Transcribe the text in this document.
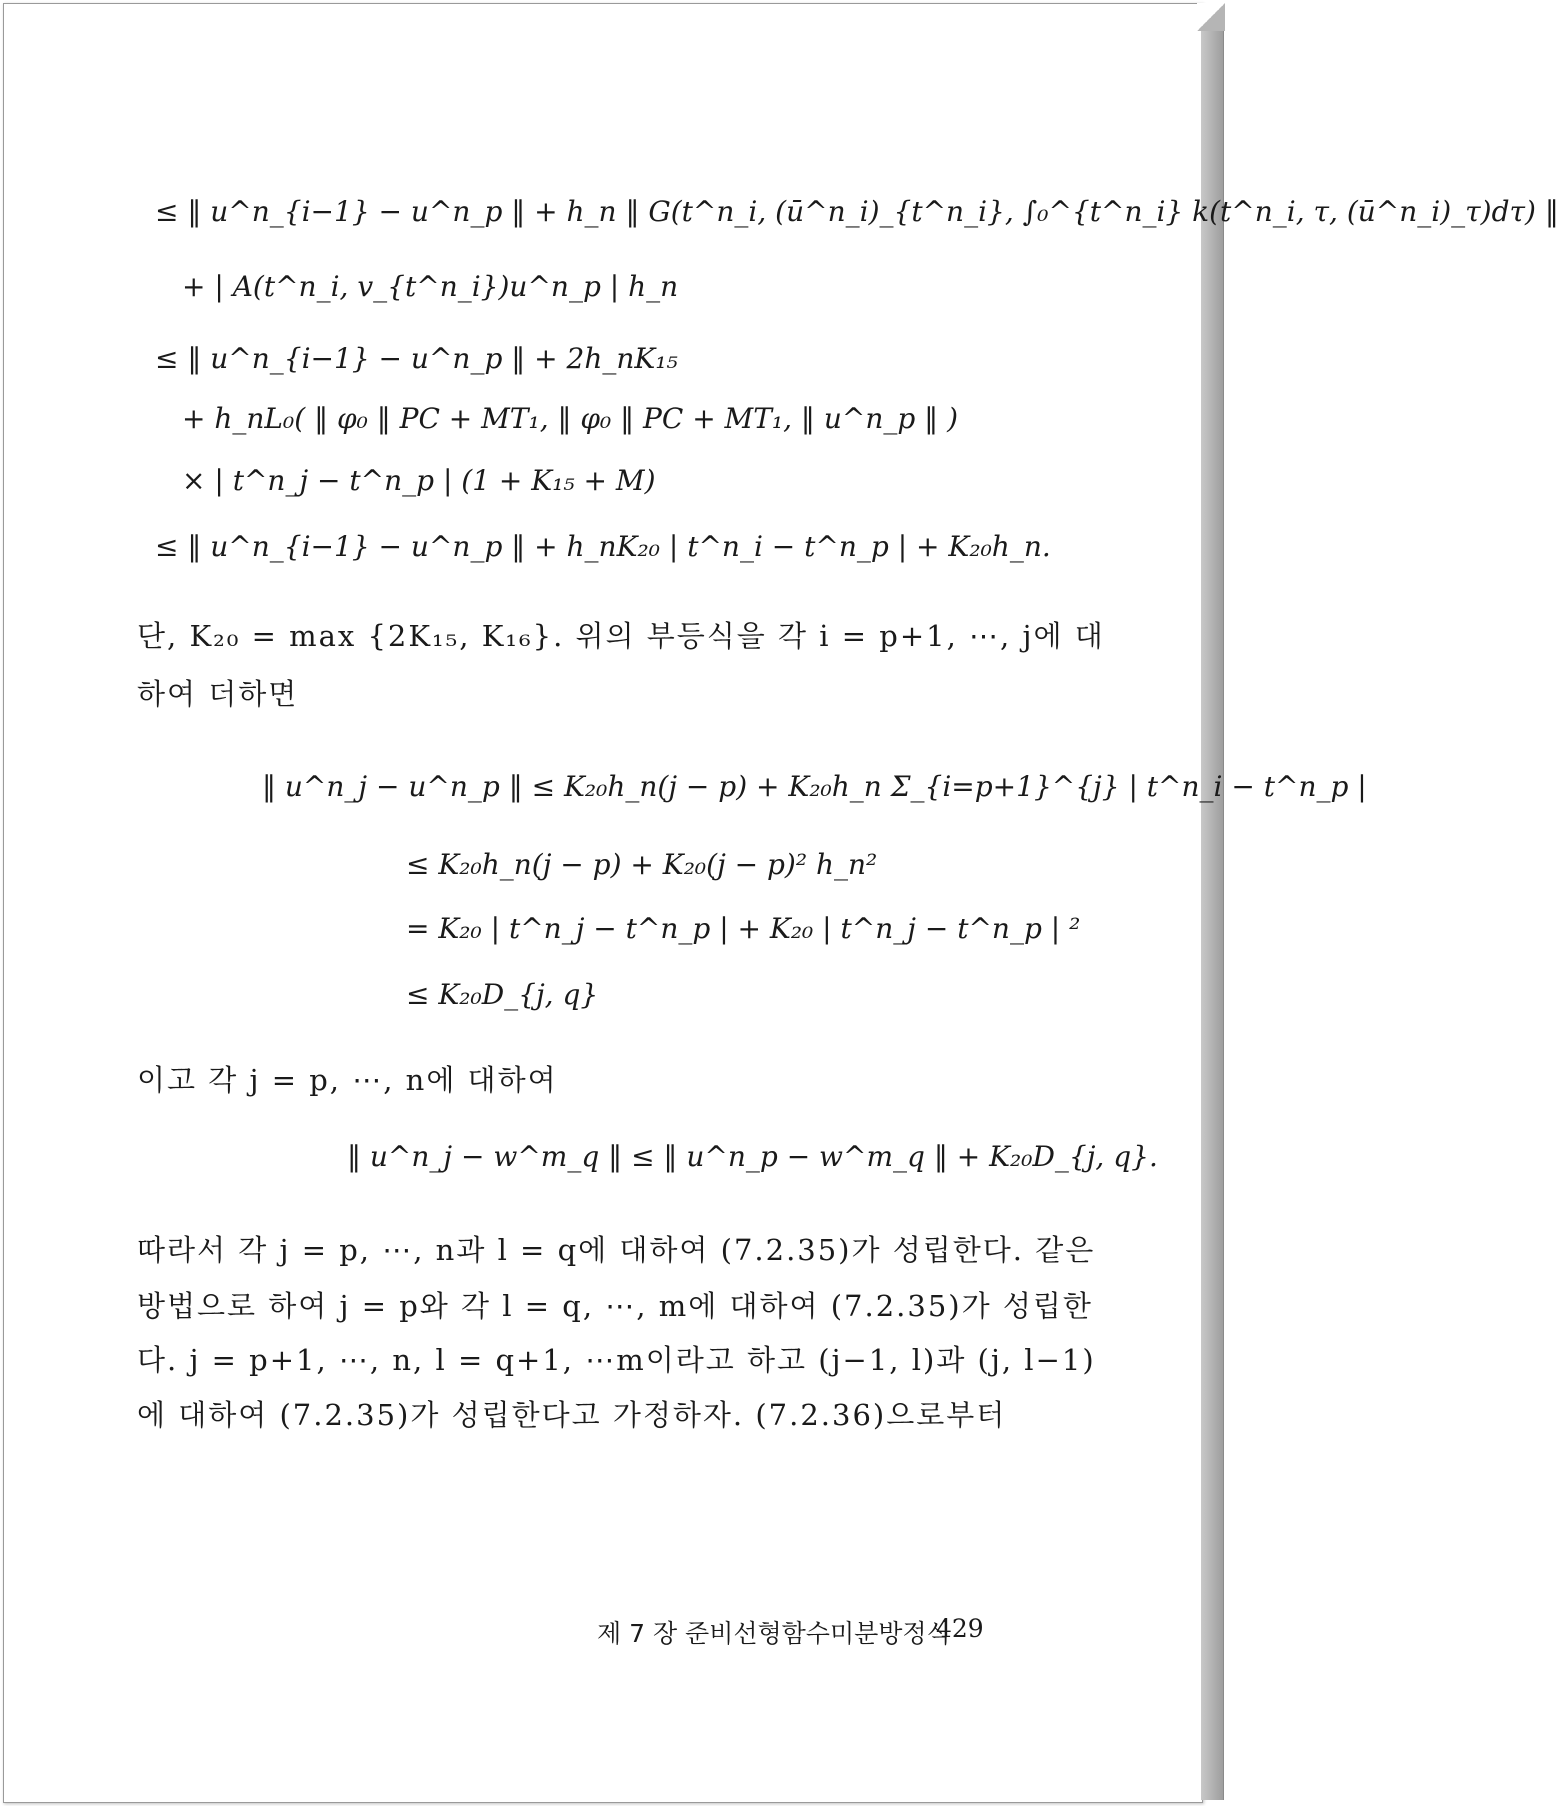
≤ ‖ u^n_{i−1} − u^n_p ‖ + h_n ‖ G(t^n_i, (ū^n_i)_{t^n_i}, ∫₀^{t^n_i} k(t^n_i, τ, (ū^n_i)_τ)dτ) ‖
+ | A(t^n_i, v_{t^n_i})u^n_p | h_n
≤ ‖ u^n_{i−1} − u^n_p ‖ + 2h_nK₁₅
+ h_nL₀( ‖ φ₀ ‖ PC + MT₁, ‖ φ₀ ‖ PC + MT₁, ‖ u^n_p ‖ )
× | t^n_j − t^n_p | (1 + K₁₅ + M)
≤ ‖ u^n_{i−1} − u^n_p ‖ + h_nK₂₀ | t^n_i − t^n_p | + K₂₀h_n.
단, K₂₀ = max {2K₁₅, K₁₆}. 위의 부등식을 각 i = p+1, ⋯, j에 대
하여 더하면
‖ u^n_j − u^n_p ‖ ≤ K₂₀h_n(j − p) + K₂₀h_n Σ_{i=p+1}^{j} | t^n_i − t^n_p |
≤ K₂₀h_n(j − p) + K₂₀(j − p)² h_n²
= K₂₀ | t^n_j − t^n_p | + K₂₀ | t^n_j − t^n_p | ²
≤ K₂₀D_{j, q}
이고 각 j = p, ⋯, n에 대하여
‖ u^n_j − w^m_q ‖ ≤ ‖ u^n_p − w^m_q ‖ + K₂₀D_{j, q}.
따라서 각 j = p, ⋯, n과 l = q에 대하여 (7.2.35)가 성립한다. 같은
방법으로 하여 j = p와 각 l = q, ⋯, m에 대하여 (7.2.35)가 성립한
다. j = p+1, ⋯, n, l = q+1, ⋯m이라고 하고 (j−1, l)과 (j, l−1)
에 대하여 (7.2.35)가 성립한다고 가정하자. (7.2.36)으로부터
제 7 장 준비선형함수미분방정식
429
